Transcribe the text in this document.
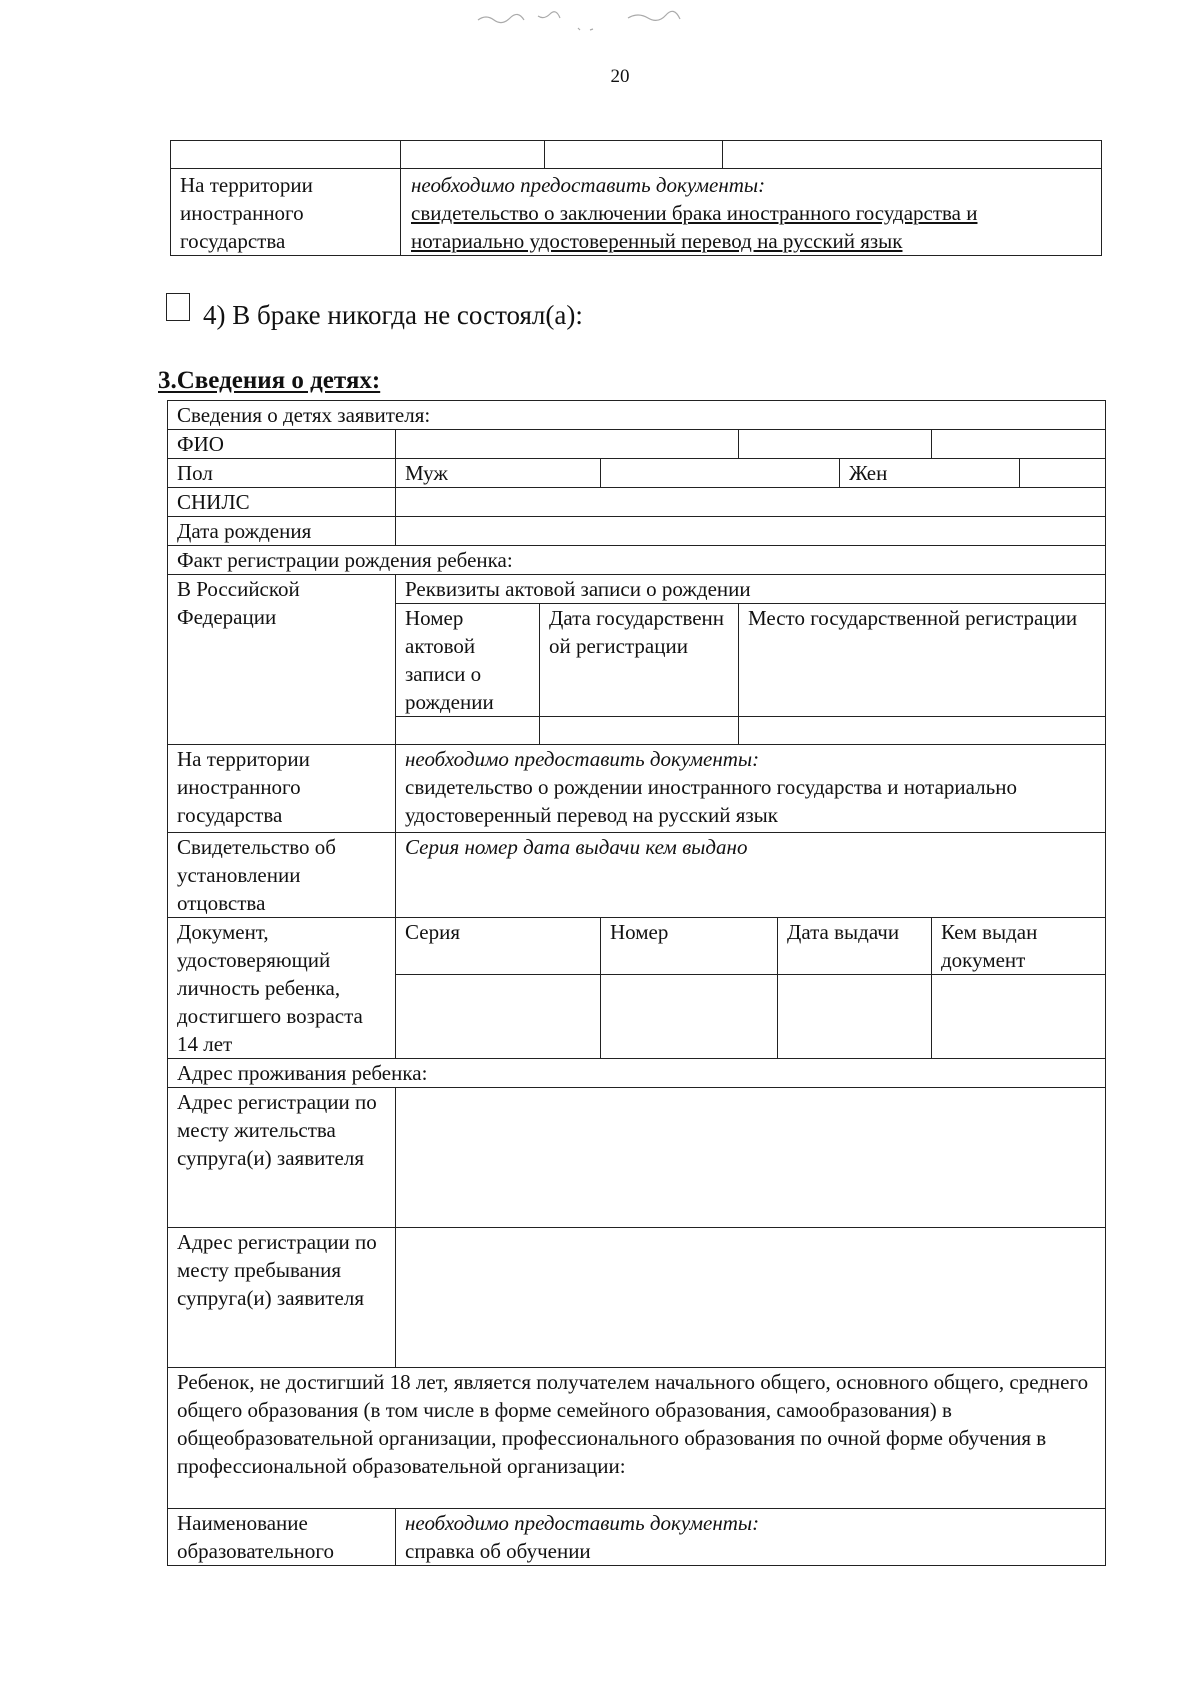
20

На территории иностранного государства	необходимо предоставить документы:
свидетельство о заключении брака иностранного государства и нотариально удостоверенный перевод на русский язык		
4) В браке никогда не состоял(а):
3.Сведения о детях:
Сведения о детях заявителя:								
ФИО								
Пол	Муж					Жен		
СНИЛС								
Дата рождения								
Факт регистрации рождения ребенка:								
В Российской Федерации	Реквизиты актовой записи о рождении							
	Номер актовой записи о рождении	Дата государственн ой регистрации		Место государственной регистрации				

На территории иностранного государства	необходимо предоставить документы:
свидетельство о рождении иностранного государства и нотариально удостоверенный перевод на русский язык							

Свидетельство об установлении отцовства	Серия номер дата выдачи кем выдано							
Документ, удостоверяющий личность ребенка, достигшего возраста 14 лет	Серия		Номер		Дата выдачи		Кем выдан документ	

Адрес проживания ребенка:								
Адрес регистрации по месту жительства супруга(и) заявителя								
Адрес регистрации по месту пребывания супруга(и) заявителя								
Ребенок, не достигший 18 лет, является получателем начального общего, основного общего, среднего общего образования (в том числе в форме семейного образования, самообразования) в общеобразовательной организации, профессионального образования по очной форме обучения в профессиональной образовательной организации:								
Наименование образовательного	необходимо предоставить документы:
справка об обучении							
